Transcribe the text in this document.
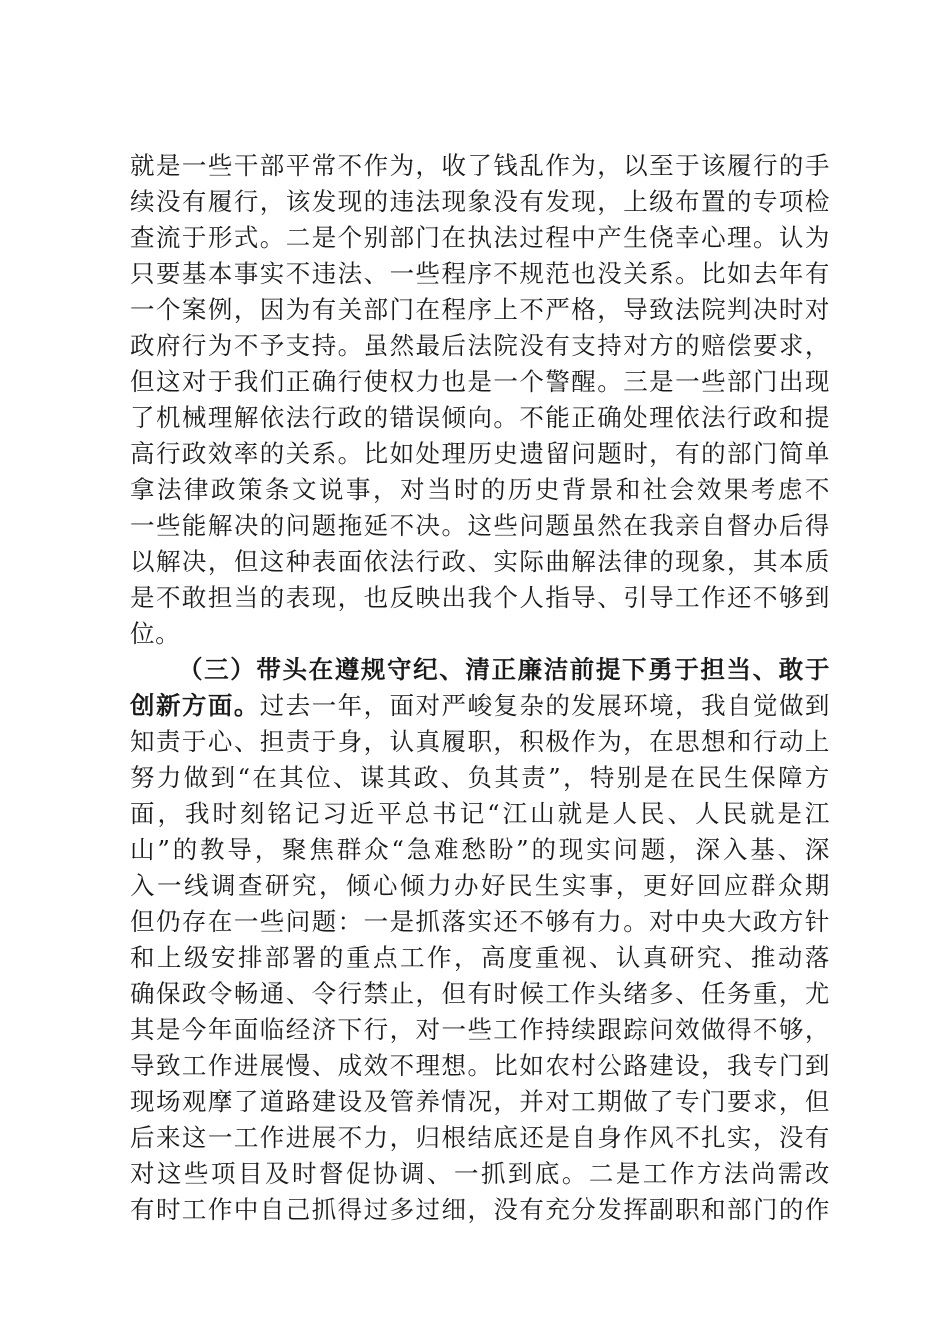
就是一些干部平常不作为，收了钱乱作为，以至于该履行的手
续没有履行，该发现的违法现象没有发现，上级布置的专项检
查流于形式。二是个别部门在执法过程中产生侥幸心理。认为
只要基本事实不违法、一些程序不规范也没关系。比如去年有
一个案例，因为有关部门在程序上不严格，导致法院判决时对
政府行为不予支持。虽然最后法院没有支持对方的赔偿要求，
但这对于我们正确行使权力也是一个警醒。三是一些部门出现
了机械理解依法行政的错误倾向。不能正确处理依法行政和提
高行政效率的关系。比如处理历史遗留问题时，有的部门简单
拿法律政策条文说事，对当时的历史背景和社会效果考虑不
一些能解决的问题拖延不决。这些问题虽然在我亲自督办后得
以解决，但这种表面依法行政、实际曲解法律的现象，其本质
是不敢担当的表现，也反映出我个人指导、引导工作还不够到
位。
（三）带头在遵规守纪、清正廉洁前提下勇于担当、敢于
创新方面。过去一年，面对严峻复杂的发展环境，我自觉做到
知责于心、担责于身，认真履职，积极作为，在思想和行动上
努力做到“在其位、谋其政、负其责”，特别是在民生保障方
面，我时刻铭记习近平总书记“江山就是人民、人民就是江
山”的教导，聚焦群众“急难愁盼”的现实问题，深入基、深
入一线调查研究，倾心倾力办好民生实事，更好回应群众期
但仍存在一些问题：一是抓落实还不够有力。对中央大政方针
和上级安排部署的重点工作，高度重视、认真研究、推动落
确保政令畅通、令行禁止，但有时候工作头绪多、任务重，尤
其是今年面临经济下行，对一些工作持续跟踪问效做得不够，
导致工作进展慢、成效不理想。比如农村公路建设，我专门到
现场观摩了道路建设及管养情况，并对工期做了专门要求，但
后来这一工作进展不力，归根结底还是自身作风不扎实，没有
对这些项目及时督促协调、一抓到底。二是工作方法尚需改
有时工作中自己抓得过多过细，没有充分发挥副职和部门的作
